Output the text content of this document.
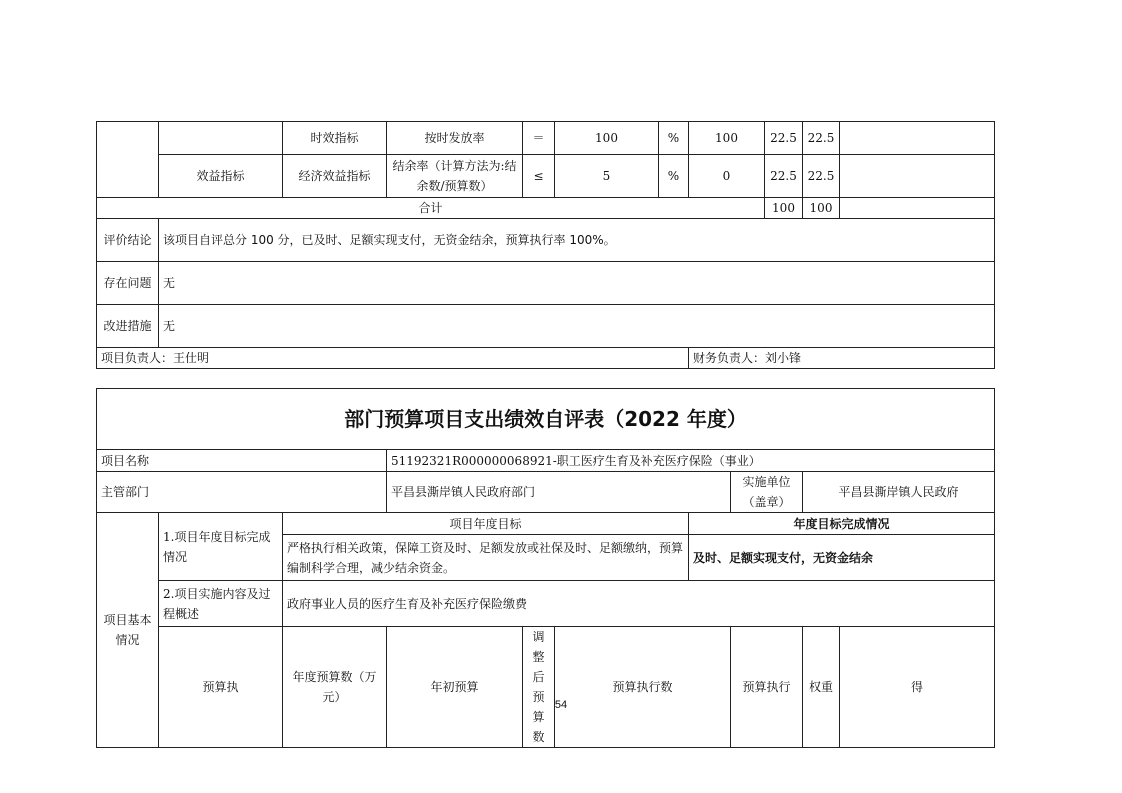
		时效指标	按时发放率	＝	100	%	100	22.5	22.5	
	效益指标	经济效益指标	结余率（计算方法为:结余数/预算数）	≤	5	%	0	22.5	22.5	
合计								100	100	
评价结论	该项目自评总分 100 分，已及时、足额实现支付，无资金结余，预算执行率 100%。									
存在问题	无									
改进措施	无									
项目负责人：王仕明							财务负责人：刘小锋			
部门预算项目支出绩效自评表（2022 年度）										
项目名称			51192321R000000068921-职工医疗生育及补充医疗保险（事业）							
主管部门			平昌县澌岸镇人民政府部门				实施单位（盖章）	平昌县澌岸镇人民政府		
项目基本情况	1.项目年度目标完成情况	项目年度目标				年度目标完成情况				
		严格执行相关政策，保障工资及时、足额发放或社保及时、足额缴纳，预算编制科学合理，减少结余资金。				及时、足额实现支付，无资金结余				
	2.项目实施内容及过程概述	政府事业人员的医疗生育及补充医疗保险缴费								
	预算执	年度预算数（万元）	年初预算	调整后预算数	预算执行数		预算执行	权重	得	
54
